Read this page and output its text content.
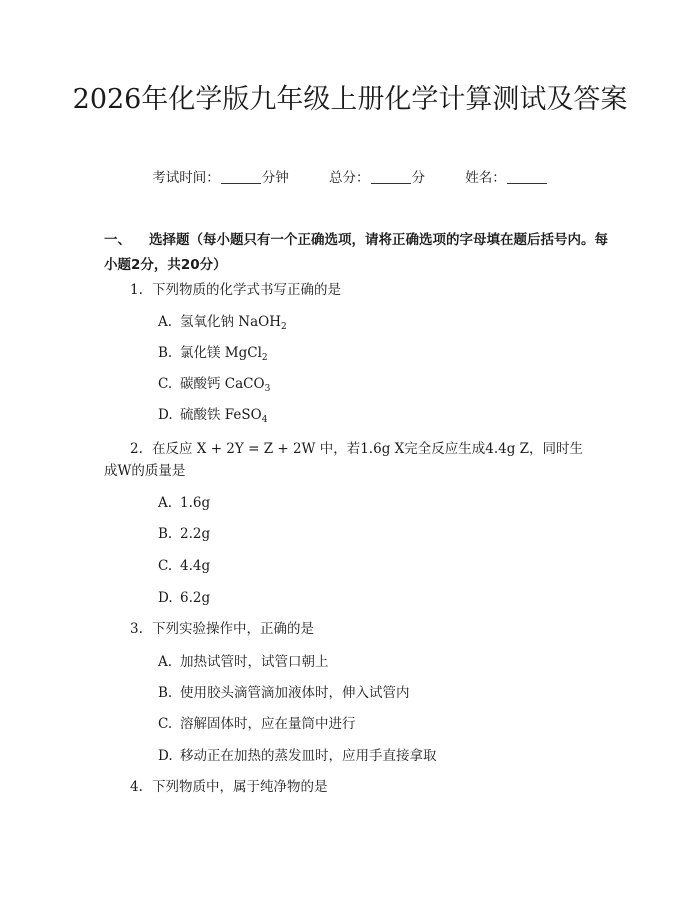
2026年化学版九年级上册化学计算测试及答案
考试时间：	分钟	总分：	分	姓名：

一、 选择题（每小题只有一个正确选项，请将正确选项的字母填在题后括号内。每小题2分，共20分）

1. 下列物质的化学式书写正确的是
A. 氢氧化钠 NaOH$_2$
B. 氯化镁 MgCl$_2$
C. 碳酸钙 CaCO$_3$
D. 硫酸铁 FeSO$_4$
2. 在反应 X + 2Y = Z + 2W 中，若1.6g X完全反应生成4.4g Z，同时生
成W的质量是
A. 1.6g
B. 2.2g
C. 4.4g
D. 6.2g
3. 下列实验操作中，正确的是
A. 加热试管时，试管口朝上
B. 使用胶头滴管滴加液体时，伸入试管内
C. 溶解固体时，应在量筒中进行
D. 移动正在加热的蒸发皿时，应用手直接拿取
4. 下列物质中，属于纯净物的是
